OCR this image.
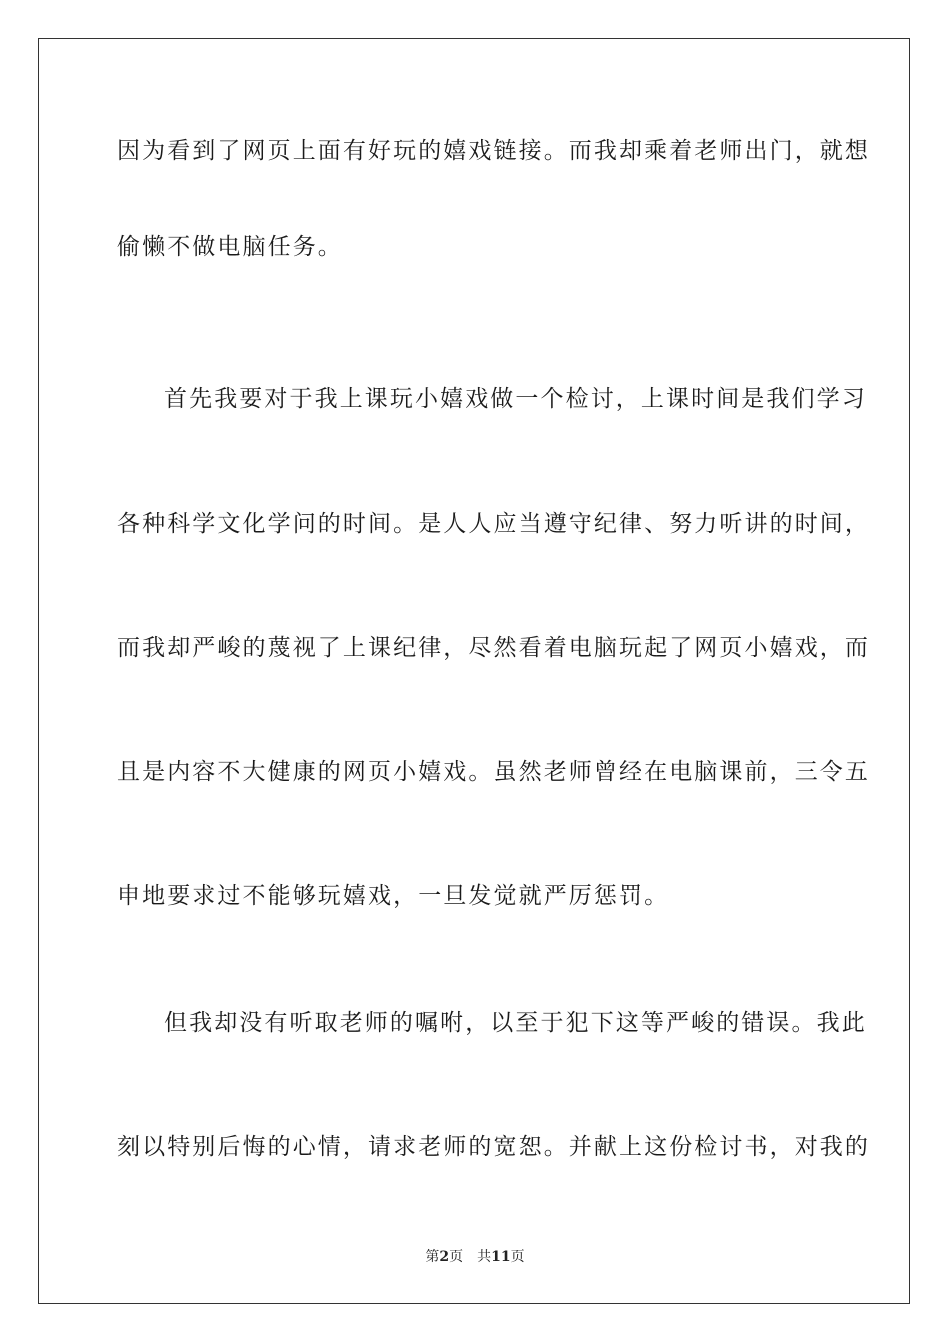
因为看到了网页上面有好玩的嬉戏链接。而我却乘着老师出门，就想
偷懒不做电脑任务。
首先我要对于我上课玩小嬉戏做一个检讨，上课时间是我们学习
各种科学文化学问的时间。是人人应当遵守纪律、努力听讲的时间，
而我却严峻的蔑视了上课纪律，尽然看着电脑玩起了网页小嬉戏，而
且是内容不大健康的网页小嬉戏。虽然老师曾经在电脑课前，三令五
申地要求过不能够玩嬉戏，一旦发觉就严厉惩罚。
但我却没有听取老师的嘱咐，以至于犯下这等严峻的错误。我此
刻以特别后悔的心情，请求老师的宽恕。并献上这份检讨书，对我的
第2页 共11页
